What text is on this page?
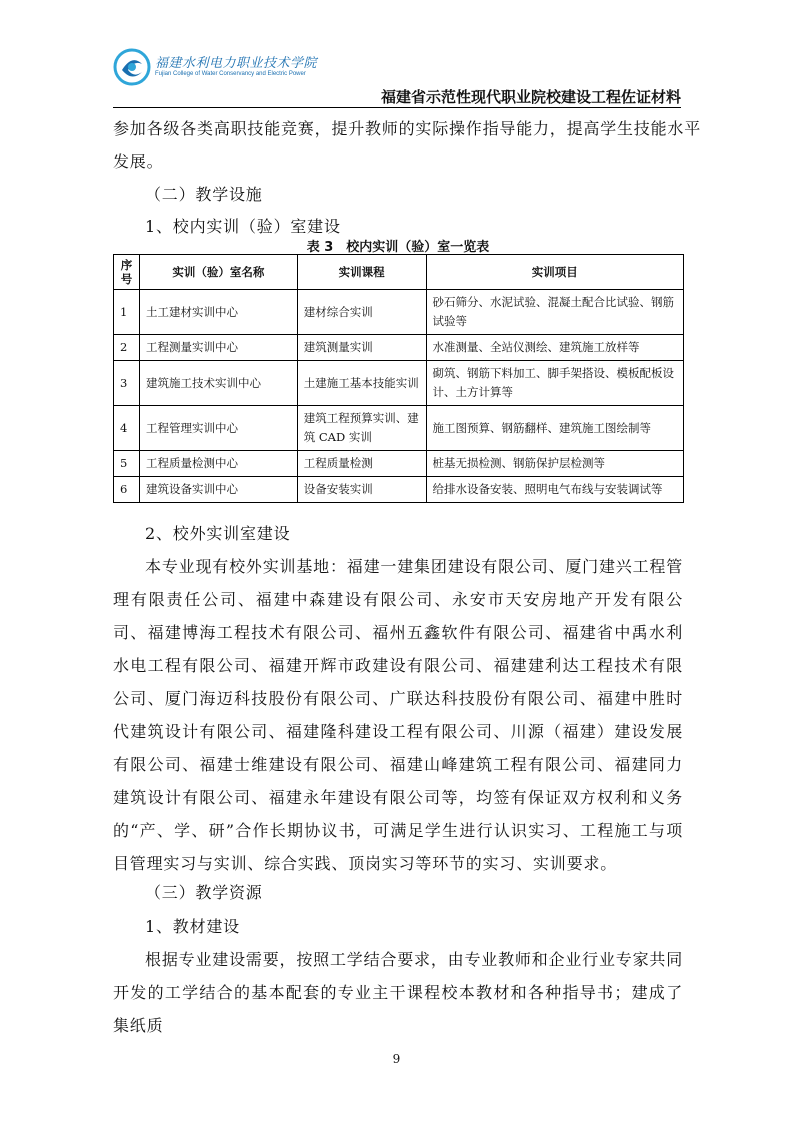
福建水利电力职业技术学院
Fujian College of Water Conservancy and Electric Power
福建省示范性现代职业院校建设工程佐证材料
参加各级各类高职技能竞赛，提升教师的实际操作指导能力，提高学生技能水平
发展。
（二）教学设施
1、校内实训（验）室建设
表 3　校内实训（验）室一览表
序
号	实训（验）室名称	实训课程	实训项目
1	土工建材实训中心	建材综合实训	砂石筛分、水泥试验、混凝土配合比试验、钢筋试验等
2	工程测量实训中心	建筑测量实训	水准测量、全站仪测绘、建筑施工放样等
3	建筑施工技术实训中心	土建施工基本技能实训	砌筑、钢筋下料加工、脚手架搭设、模板配板设计、土方计算等
4	工程管理实训中心	建筑工程预算实训、建筑 CAD 实训	施工图预算、钢筋翻样、建筑施工图绘制等
5	工程质量检测中心	工程质量检测	桩基无损检测、钢筋保护层检测等
6	建筑设备实训中心	设备安装实训	给排水设备安装、照明电气布线与安装调试等
2、校外实训室建设
本专业现有校外实训基地：福建一建集团建设有限公司、厦门建兴工程管理有限责任公司、福建中森建设有限公司、永安市天安房地产开发有限公司、福建博海工程技术有限公司、福州五鑫软件有限公司、福建省中禹水利水电工程有限公司、福建开辉市政建设有限公司、福建建利达工程技术有限公司、厦门海迈科技股份有限公司、广联达科技股份有限公司、福建中胜时代建筑设计有限公司、福建隆科建设工程有限公司、川源（福建）建设发展有限公司、福建士维建设有限公司、福建山峰建筑工程有限公司、福建同力建筑设计有限公司、福建永年建设有限公司等，均签有保证双方权利和义务的“产、学、研”合作长期协议书，可满足学生进行认识实习、工程施工与项目管理实习与实训、综合实践、顶岗实习等环节的实习、实训要求。
（三）教学资源
1、教材建设
根据专业建设需要，按照工学结合要求，由专业教师和企业行业专家共同开发的工学结合的基本配套的专业主干课程校本教材和各种指导书；建成了集纸质
9
